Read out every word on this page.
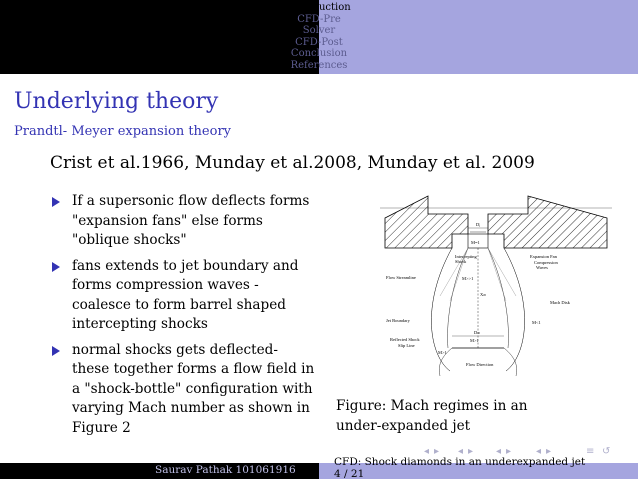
Introduction
CFD-Pre
Solver
CFD-Post
Conclusion
References
Underlying theory
Prandtl- Meyer expansion theory
Crist et al.1966, Munday et al.2008, Munday et al. 2009
If a supersonic flow deflects forms "expansion fans" else forms "oblique shocks"
fans extends to jet boundary and forms compression waves - coalesce to form barrel shaped intercepting shocks
normal shocks gets deflected- these together forms a flow field in a "shock-bottle" configuration with varying Mach number as shown in Figure 2
Dⱼ
M=1
Intercepting
Shock
Expansion Fan
Compression
Waves
Flow Streamline	M>>1
Xₘ
Mach Disk
Jet Boundary	M<1
Dₘ
Reflected Shock
Slip Line
M>1
M>1
Flow Direction
Figure: Mach regimes in an under-expanded jet
◂ ▸ ◂ ▸ ◂ ▸ ◂ ▸	≡ ↺
Saurav Pathak 101061916
CFD: Shock diamonds in an underexpanded jet
4 / 21
